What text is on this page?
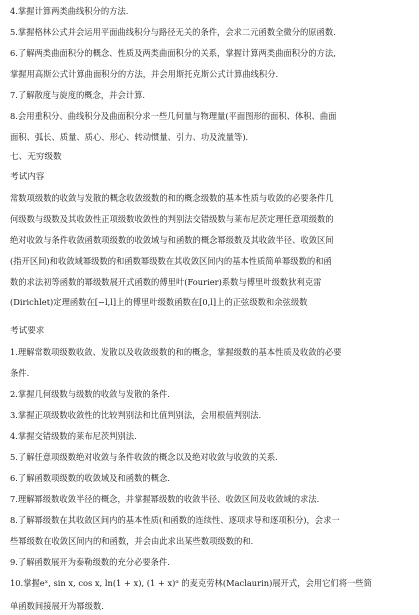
4.掌握计算两类曲线积分的方法.
5.掌握格林公式并会运用平面曲线积分与路径无关的条件，会求二元函数全微分的原函数.
6.了解两类曲面积分的概念、性质及两类曲面积分的关系，掌握计算两类曲面积分的方法,
掌握用高斯公式计算曲面积分的方法，并会用斯托克斯公式计算曲线积分.
7.了解散度与旋度的概念，并会计算.
8.会用重积分、曲线积分及曲面积分求一些几何量与物理量(平面图形的面积、体积、曲面
面积、弧长、质量、质心、形心、转动惯量、引力、功及流量等).
七、无穷级数
考试内容
常数项级数的收敛与发散的概念收敛级数的和的概念级数的基本性质与收敛的必要条件几
何级数与级数及其收敛性正项级数收敛性的判别法交错级数与莱布尼茨定理任意项级数的
绝对收敛与条件收敛函数项级数的收敛域与和函数的概念幂级数及其收敛半径、收敛区间
(指开区间)和收敛域幂级数的和函数幂级数在其收敛区间内的基本性质简单幂级数的和函
数的求法初等函数的幂级数展开式函数的傅里叶(Fourier)系数与傅里叶级数狄利克雷
(Dirichlet)定理函数在[−l,l]上的傅里叶级数函数在[0,l]上的正弦级数和余弦级数
考试要求
1.理解常数项级数收敛、发散以及收敛级数的和的概念，掌握级数的基本性质及收敛的必要
条件.
2.掌握几何级数与级数的收敛与发散的条件.
3.掌握正项级数收敛性的比较判别法和比值判别法，会用根值判别法.
4.掌握交错级数的莱布尼茨判别法.
5.了解任意项级数绝对收敛与条件收敛的概念以及绝对收敛与收敛的关系.
6.了解函数项级数的收敛域及和函数的概念.
7.理解幂级数收敛半径的概念，并掌握幂级数的收敛半径、收敛区间及收敛域的求法.
8.了解幂级数在其收敛区间内的基本性质(和函数的连续性、逐项求导和逐项积分)，会求一
些幂级数在收敛区间内的和函数，并会由此求出某些数项级数的和.
9.了解函数展开为泰勒级数的充分必要条件.
10.掌握eˣ, sin x, cos x, ln(1 + x), (1 + x)ᵅ 的麦克劳林(Maclaurin)展开式，会用它们将一些简
单函数间接展开为幂级数.
